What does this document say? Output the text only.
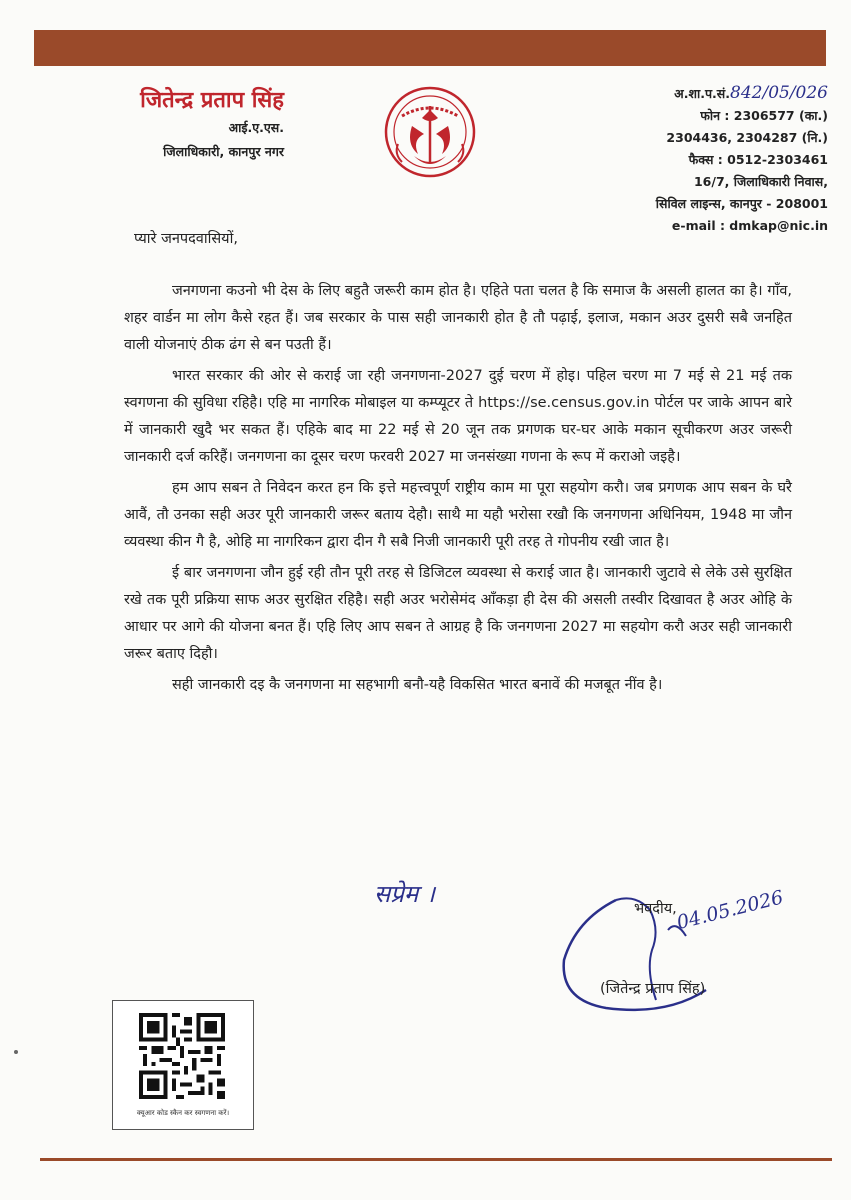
जितेन्द्र प्रताप सिंह
आई.ए.एस.
जिलाधिकारी, कानपुर नगर
अ.शा.प.सं.842/05/026
फोन : 2306577 (का.)
2304436, 2304287 (नि.)
फैक्स : 0512-2303461
16/7, जिलाधिकारी निवास,
सिविल लाइन्स, कानपुर - 208001
e-mail : dmkap@nic.in
प्यारे जनपदवासियों,

जनगणना कउनो भी देस के लिए बहुतै जरूरी काम होत है। एहिते पता चलत है कि समाज कै असली हालत का है। गाँव, शहर वार्डन मा लोग कैसे रहत हैं। जब सरकार के पास सही जानकारी होत है तौ पढ़ाई, इलाज, मकान अउर दुसरी सबै जनहित वाली योजनाएं ठीक ढंग से बन पउती हैं।

भारत सरकार की ओर से कराई जा रही जनगणना-2027 दुई चरण में होइ। पहिल चरण मा 7 मई से 21 मई तक स्वगणना की सुविधा रहिहै। एहि मा नागरिक मोबाइल या कम्प्यूटर ते https://se.census.gov.in पोर्टल पर जाके आपन बारे में जानकारी खुदै भर सकत हैं। एहिके बाद मा 22 मई से 20 जून तक प्रगणक घर-घर आके मकान सूचीकरण अउर जरूरी जानकारी दर्ज करिहैं। जनगणना का दूसर चरण फरवरी 2027 मा जनसंख्या गणना के रूप में कराओ जइहै।

हम आप सबन ते निवेदन करत हन कि इत्ते महत्त्वपूर्ण राष्ट्रीय काम मा पूरा सहयोग करौ। जब प्रगणक आप सबन के घरै आवैं, तौ उनका सही अउर पूरी जानकारी जरूर बताय देहौ। साथै मा यहौ भरोसा रखौ कि जनगणना अधिनियम, 1948 मा जौन व्यवस्था कीन गै है, ओहि मा नागरिकन द्वारा दीन गै सबै निजी जानकारी पूरी तरह ते गोपनीय रखी जात है।

ई बार जनगणना जौन हुई रही तौन पूरी तरह से डिजिटल व्यवस्था से कराई जात है। जानकारी जुटावे से लेके उसे सुरक्षित रखे तक पूरी प्रक्रिया साफ अउर सुरक्षित रहिहै। सही अउर भरोसेमंद आँकड़ा ही देस की असली तस्वीर दिखावत है अउर ओहि के आधार पर आगे की योजना बनत हैं। एहि लिए आप सबन ते आग्रह है कि जनगणना 2027 मा सहयोग करौ अउर सही जानकारी जरूर बताए दिहौ।

सही जानकारी दइ कै जनगणना मा सहभागी बनौ-यहै विकसित भारत बनावें की मजबूत नींव है।

सप्रेम ।
भवदीय,
04.05.2026
(जितेन्द्र प्रताप सिंह)
क्यूआर कोड स्कैन कर स्वगणना करें।
